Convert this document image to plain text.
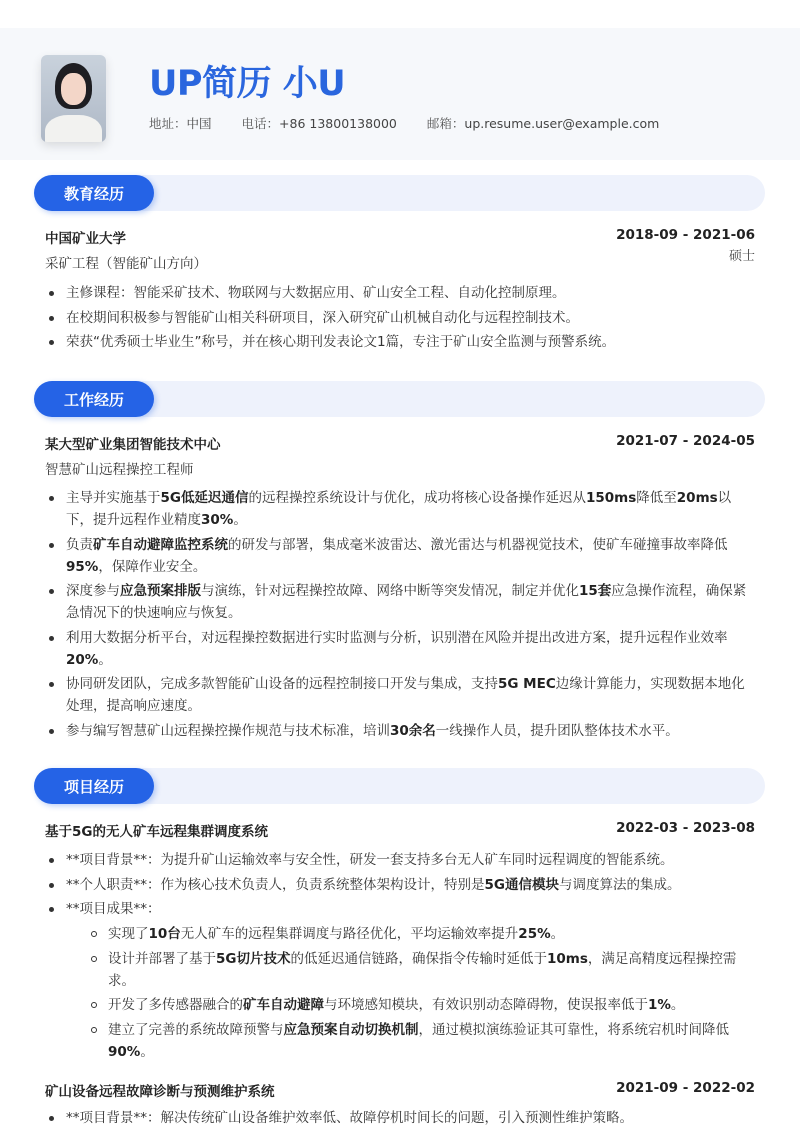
UP简历 小U
地址：中国 电话：+86 13800138000 邮箱：up.resume.user@example.com
教育经历
中国矿业大学	2018-09 - 2021-06
采矿工程（智能矿山方向）	硕士
主修课程：智能采矿技术、物联网与大数据应用、矿山安全工程、自动化控制原理。
在校期间积极参与智能矿山相关科研项目，深入研究矿山机械自动化与远程控制技术。
荣获“优秀硕士毕业生”称号，并在核心期刊发表论文1篇，专注于矿山安全监测与预警系统。
工作经历
某大型矿业集团智能技术中心	2021-07 - 2024-05
智慧矿山远程操控工程师
主导并实施基于5G低延迟通信的远程操控系统设计与优化，成功将核心设备操作延迟从150ms降低至20ms以下，提升远程作业精度30%。
负责矿车自动避障监控系统的研发与部署，集成毫米波雷达、激光雷达与机器视觉技术，使矿车碰撞事故率降低95%，保障作业安全。
深度参与应急预案排版与演练，针对远程操控故障、网络中断等突发情况，制定并优化15套应急操作流程，确保紧急情况下的快速响应与恢复。
利用大数据分析平台，对远程操控数据进行实时监测与分析，识别潜在风险并提出改进方案，提升远程作业效率20%。
协同研发团队，完成多款智能矿山设备的远程控制接口开发与集成，支持5G MEC边缘计算能力，实现数据本地化处理，提高响应速度。
参与编写智慧矿山远程操控操作规范与技术标准，培训30余名一线操作人员，提升团队整体技术水平。
项目经历
基于5G的无人矿车远程集群调度系统	2022-03 - 2023-08
**项目背景**：为提升矿山运输效率与安全性，研发一套支持多台无人矿车同时远程调度的智能系统。
**个人职责**：作为核心技术负责人，负责系统整体架构设计，特别是5G通信模块与调度算法的集成。
**项目成果**：
实现了10台无人矿车的远程集群调度与路径优化，平均运输效率提升25%。
设计并部署了基于5G切片技术的低延迟通信链路，确保指令传输时延低于10ms，满足高精度远程操控需求。
开发了多传感器融合的矿车自动避障与环境感知模块，有效识别动态障碍物，使误报率低于1%。
建立了完善的系统故障预警与应急预案自动切换机制，通过模拟演练验证其可靠性，将系统宕机时间降低90%。
矿山设备远程故障诊断与预测维护系统	2021-09 - 2022-02
**项目背景**：解决传统矿山设备维护效率低、故障停机时间长的问题，引入预测性维护策略。
